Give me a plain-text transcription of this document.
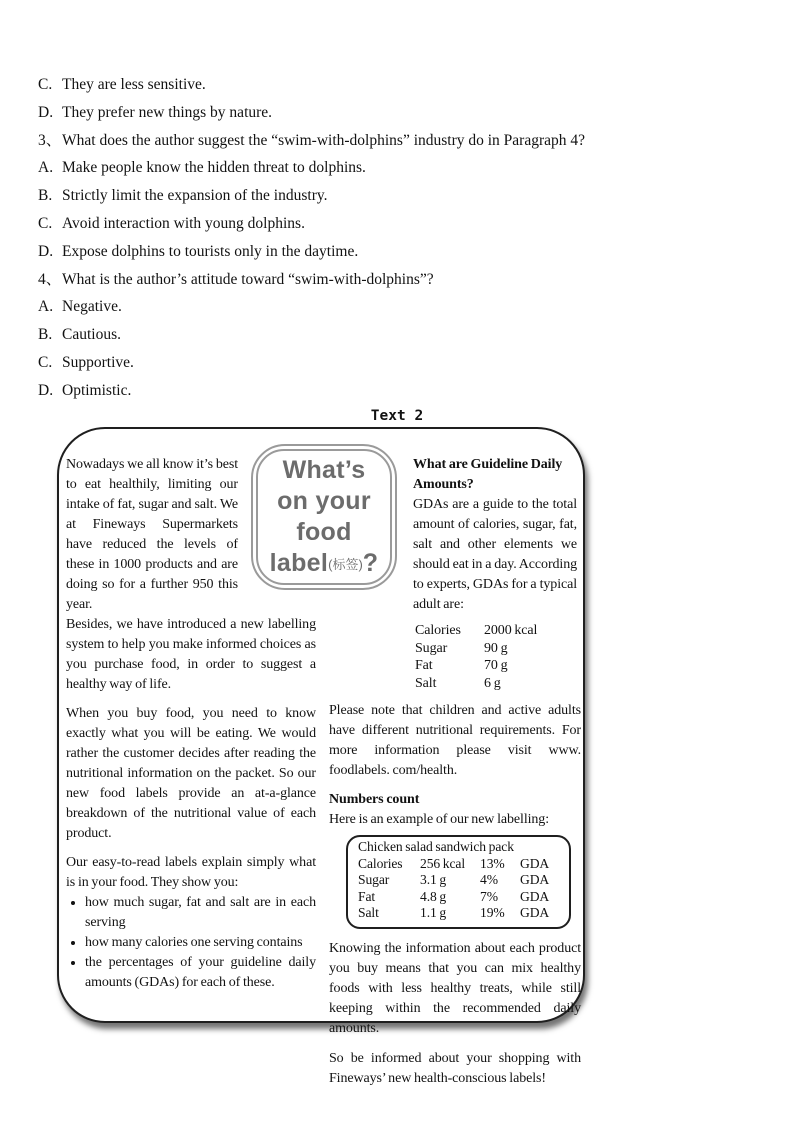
C. They are less sensitive.
D. They prefer new things by nature.
3、 What does the author suggest the “swim-with-dolphins” industry do in Paragraph 4?
A. Make people know the hidden threat to dolphins.
B. Strictly limit the expansion of the industry.
C. Avoid interaction with young dolphins.
D. Expose dolphins to tourists only in the daytime.
4、 What is the author’s attitude toward “swim-with-dolphins”?
A. Negative.
B. Cautious.
C. Supportive.
D. Optimistic.
Text 2
What’s
on your
food
label(标签)?
Nowadays we all know it’s best to eat healthily, limiting our intake of fat, sugar and salt. We at Fineways Supermarkets have reduced the levels of these in 1000 products and are doing so for a further 950 this year.
Besides, we have introduced a new labelling system to help you make informed choices as you purchase food, in order to suggest a healthy way of life.
When you buy food, you need to know exactly what you will be eating. We would rather the customer decides after reading the nutritional information on the packet. So our new food labels provide an at-a-glance breakdown of the nutritional value of each product.
Our easy-to-read labels explain simply what is in your food. They show you:
• how much sugar, fat and salt are in each serving
• how many calories one serving contains
• the percentages of your guideline daily amounts (GDAs) for each of these.
What are Guideline Daily Amounts?
GDAs are a guide to the total amount of calories, sugar, fat, salt and other elements we should eat in a day. According to experts, GDAs for a typical adult are:
Calories	2000 kcal
Sugar	90 g
Fat	70 g
Salt	6 g
Please note that children and active adults have different nutritional requirements. For more information please visit www. foodlabels. com/health.
Numbers count
Here is an example of our new labelling:
Chicken salad sandwich pack
Calories	256 kcal	13%	GDA
Sugar	3.1 g	4%	GDA
Fat	4.8 g	7%	GDA
Salt	1.1 g	19%	GDA
Knowing the information about each product you buy means that you can mix healthy foods with less healthy treats, while still keeping within the recommended daily amounts.
So be informed about your shopping with Fineways’ new health-conscious labels!
